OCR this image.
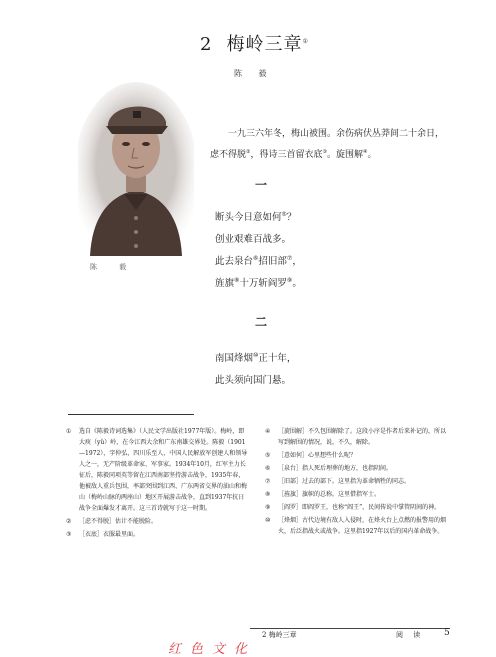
2 梅岭三章①
陈 毅
陈 毅
一九三六年冬，梅山被围。余伤病伏丛莽间二十余日，虑不得脱②，得诗三首留衣底③。旋围解④。
一
断头今日意如何⑤？
创业艰难百战多。
此去泉台⑥招旧部⑦，
旌旗⑧十万斩阎罗⑨。
二
南国烽烟⑩正十年，
此头须向国门悬。
①	选自《陈毅诗词选集》（人民文学出版社1977年版）。梅岭，即大庾（yǔ）岭，在今江西大余和广东南雄交界处。陈毅（1901—1972），字仲弘，四川乐至人，中国人民解放军创建人和领导人之一，无产阶级革命家、军事家。1934年10月，红军主力长征后，陈毅同项英等留在江西南部坚持游击战争，1935年春，他被敌人重兵包围，率部突围到江西、广东两省交界的油山和梅山（梅岭山脉的两座山）地区开展游击战争，直到1937年抗日战争全面爆发才离开。这三首诗就写于这一时期。
②	［虑不得脱］估计不能脱险。
③	［衣底］衣服最里面。
④	［旋围解］不久包围解除了。这段小序是作者后来补记的，所以写到解围的情况，说，不久，解除。
⑤	［意如何］心里想些什么呢？
⑥	［泉台］指人死后埋葬的地方，也指阴间。
⑦	［旧部］过去的部下。这里指为革命牺牲的同志。
⑧	［旌旗］旗帜的总称。这里借指军士。
⑨	［阎罗］即阎罗王，也称“阎王”，民间传说中掌管阴间的神。
⑩	［烽烟］古代边境有敌人入侵时，在烽火台上点燃的报警用的烟火，后泛指战火或战争。这里指1927年以后的国内革命战争。
2 梅岭三章	阅 读 5
红色文化
